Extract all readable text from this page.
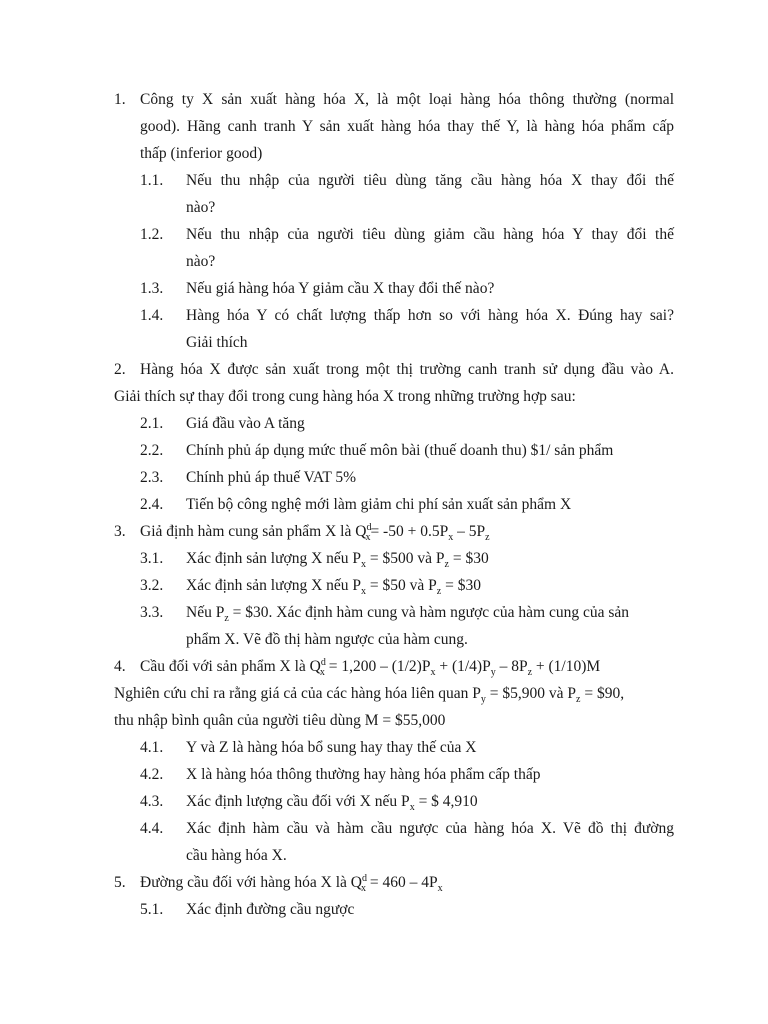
1. Công ty X sản xuất hàng hóa X, là một loại hàng hóa thông thường (normal
good). Hãng canh tranh Y sản xuất hàng hóa thay thế Y, là hàng hóa phẩm cấp
thấp (inferior good)
1.1. Nếu thu nhập của người tiêu dùng tăng cầu hàng hóa X thay đổi thế
nào?
1.2. Nếu thu nhập của người tiêu dùng giảm cầu hàng hóa Y thay đổi thế
nào?
1.3. Nếu giá hàng hóa Y giảm cầu X thay đổi thế nào?
1.4. Hàng hóa Y có chất lượng thấp hơn so với hàng hóa X. Đúng hay sai?
Giải thích
2. Hàng hóa X được sản xuất trong một thị trường canh tranh sử dụng đầu vào A.
Giải thích sự thay đổi trong cung hàng hóa X trong những trường hợp sau:
2.1. Giá đầu vào A tăng
2.2. Chính phủ áp dụng mức thuế môn bài (thuế doanh thu) $1/ sản phẩm
2.3. Chính phủ áp thuế VAT 5%
2.4. Tiến bộ công nghệ mới làm giảm chi phí sản xuất sản phẩm X
3. Giả định hàm cung sản phẩm X là $Q^d_x= -50 + 0.5P_x - 5P_z$
3.1. Xác định sản lượng X nếu $P_x$ = $500 và $P_z$ = $30
3.2. Xác định sản lượng X nếu $P_x$ = $50 và $P_z$ = $30
3.3. Nếu $P_z$ = $30. Xác định hàm cung và hàm ngược của hàm cung của sản
phẩm X. Vẽ đồ thị hàm ngược của hàm cung.
4. Cầu đối với sản phẩm X là $Q^d_x = 1,200 - (1/2)P_x + (1/4)P_y - 8P_z + (1/10)M$
Nghiên cứu chỉ ra rằng giá cả của các hàng hóa liên quan $P_y$ = $5,900 và $P_z$ = $90,
thu nhập bình quân của người tiêu dùng M = $55,000
4.1. Y và Z là hàng hóa bổ sung hay thay thế của X
4.2. X là hàng hóa thông thường hay hàng hóa phẩm cấp thấp
4.3. Xác định lượng cầu đối với X nếu $P_x$ = $ 4,910
4.4. Xác định hàm cầu và hàm cầu ngược của hàng hóa X. Vẽ đồ thị đường
cầu hàng hóa X.
5. Đường cầu đối với hàng hóa X là $Q^d_x = 460 - 4P_x$
5.1. Xác định đường cầu ngược
